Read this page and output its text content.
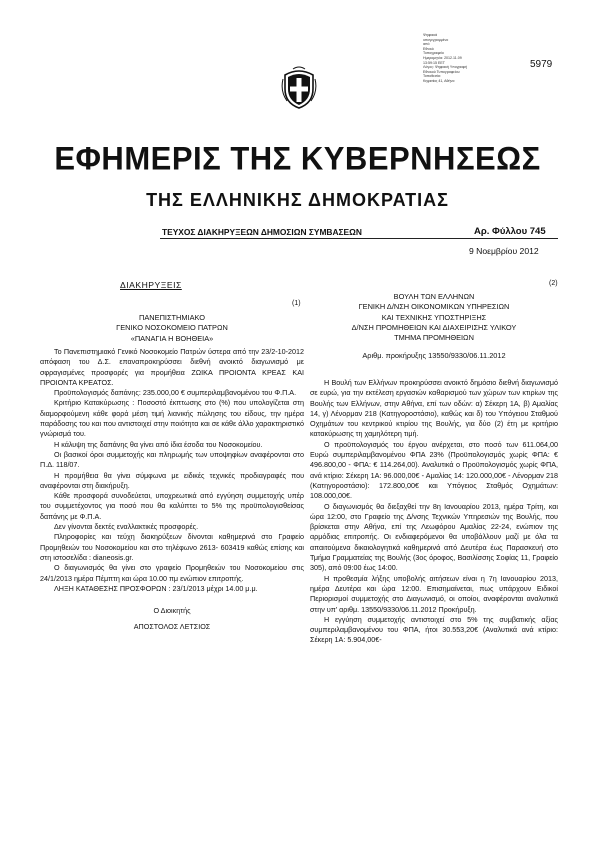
Ψηφιακά
υπογεγραμμένο
από
Εθνικό
Τυπογραφείο
Ημερομηνία: 2012.11.09
13:59:15 EET
Λόγος: Ψηφιακή Υπογραφή
Εθνικού Τυπογραφείου
Τοποθεσία:
Κηφισίας 41, Αθήνα
5979
ΕΦΗΜΕΡΙΣ ΤΗΣ ΚΥΒΕΡΝΗΣΕΩΣ
ΤΗΣ ΕΛΛΗΝΙΚΗΣ ΔΗΜΟΚΡΑΤΙΑΣ
ΤΕΥΧΟΣ ΔΙΑΚΗΡΥΞΕΩΝ ΔΗΜΟΣΙΩΝ ΣΥΜΒΑΣΕΩΝ	Αρ. Φύλλου 745
9 Νοεμβρίου 2012
ΔΙΑΚΗΡΥΞΕΙΣ
(1)
(2)
ΠΑΝΕΠΙΣΤΗΜΙΑΚΟ
ΓΕΝΙΚΟ ΝΟΣΟΚΟΜΕΙΟ ΠΑΤΡΩΝ
«ΠΑΝΑΓΙΑ Η ΒΟΗΘΕΙΑ»

Το Πανεπιστημιακό Γενικό Νοσοκομείο Πατρών ύστερα από την 23/2-10-2012 απόφαση του Δ.Σ. επαναπροκηρύσσει διεθνή ανοικτό διαγωνισμό με σφραγισμένες προσφορές για προμήθεια ΖΩΙΚΑ ΠΡΟΙΟΝΤΑ ΚΡΕΑΣ ΚΑΙ ΠΡΟΙΟΝΤΑ ΚΡΕΑΤΟΣ.

Προϋπολογισμός δαπάνης: 235.000,00 € συμπεριλαμβανομένου του Φ.Π.Α.

Κριτήριο Κατακύρωσης : Ποσοστό έκπτωσης στο (%) που υπολογίζεται στη διαμορφούμενη κάθε φορά μέση τιμή λιανικής πώλησης του είδους, την ημέρα παράδοσης του και που αντιστοιχεί στην ποιότητα και σε κάθε άλλο χαρακτηριστικό γνώρισμά του.

Η κάλυψη της δαπάνης θα γίνει από ίδια έσοδα του Νοσοκομείου.

Οι βασικοί όροι συμμετοχής και πληρωμής των υποψηφίων αναφέρονται στο Π.Δ. 118/07.

Η προμήθεια θα γίνει σύμφωνα με ειδικές τεχνικές προδιαγραφές που αναφέρονται στη διακήρυξη.

Κάθε προσφορά συνοδεύεται, υποχρεωτικά από εγγύηση συμμετοχής υπέρ του συμμετέχοντος για ποσό που θα καλύπτει το 5% της προϋπολογισθείσας δαπάνης με Φ.Π.Α.

Δεν γίνονται δεκτές εναλλακτικές προσφορές.

Πληροφορίες και τεύχη διακηρύξεων δίνονται καθημερινά στο Γραφείο Προμηθειών του Νοσοκομείου και στο τηλέφωνο 2613- 603419 καθώς επίσης και στη ιστοσελίδα : dianeosis.gr.

Ο διαγωνισμός θα γίνει στο γραφείο Προμηθειών του Νοσοκομείου στις 24/1/2013 ημέρα Πέμπτη και ώρα 10.00 πμ ενώπιον επιτροπής.

ΛΗΞΗ ΚΑΤΑΘΕΣΗΣ ΠΡΟΣΦΟΡΩΝ : 23/1/2013 μέχρι 14.00 μ.μ.

Ο Διοικητής
ΑΠΟΣΤΟΛΟΣ ΛΕΤΣΙΟΣ
ΒΟΥΛΗ ΤΩΝ ΕΛΛΗΝΩΝ
ΓΕΝΙΚΗ Δ/ΝΣΗ ΟΙΚΟΝΟΜΙΚΩΝ ΥΠΗΡΕΣΙΩΝ
ΚΑΙ ΤΕΧΝΙΚΗΣ ΥΠΟΣΤΗΡΙΞΗΣ
Δ/ΝΣΗ ΠΡΟΜΗΘΕΙΩΝ ΚΑΙ ΔΙΑΧΕΙΡΙΣΗΣ ΥΛΙΚΟΥ
ΤΜΗΜΑ ΠΡΟΜΗΘΕΙΩΝ
Αριθμ. προκήρυξης 13550/9330/06.11.2012

Η Βουλή των Ελλήνων προκηρύσσει ανοικτό δημόσιο διεθνή διαγωνισμό σε ευρώ, για την εκτέλεση εργασιών καθαρισμού των χώρων των κτιρίων της Βουλής των Ελλήνων, στην Αθήνα, επί των οδών: α) Σέκερη 1Α, β) Αμαλίας 14, γ) Λένορμαν 218 (Κατηγοροστάσιο), καθώς και δ) του Υπόγειου Σταθμού Οχημάτων του κεντρικού κτιρίου της Βουλής, για δύο (2) έτη με κριτήριο κατακύρωσης τη χαμηλότερη τιμή.

Ο προϋπολογισμός του έργου ανέρχεται, στο ποσό των 611.064,00 Ευρώ συμπεριλαμβανομένου ΦΠΑ 23% (Προϋπολογισμός χωρίς ΦΠΑ: € 496.800,00 - ΦΠΑ: € 114.264,00). Αναλυτικά ο Προϋπολογισμός χωρίς ΦΠΑ, ανά κτίριο: Σέκερη 1Α: 96.000,00€ - Αμαλίας 14: 120.000,00€ - Λένορμαν 218 (Κατηγοροστάσιο): 172.800,00€ και Υπόγειος Σταθμός Οχημάτων: 108.000,00€.

Ο διαγωνισμός θα διεξαχθεί την 8η Ιανουαρίου 2013, ημέρα Τρίτη, και ώρα 12:00, στο Γραφείο της Δ/νσης Τεχνικών Υπηρεσιών της Βουλής, που βρίσκεται στην Αθήνα, επί της Λεωφόρου Αμαλίας 22-24, ενώπιον της αρμόδιας επιτροπής. Οι ενδιαφερόμενοι θα υποβάλλουν μαζί με όλα τα απαιτούμενα δικαιολογητικά καθημερινά από Δευτέρα έως Παρασκευή στο Τμήμα Γραμματείας της Βουλής (3ος όροφος, Βασιλίσσης Σοφίας 11, Γραφείο 305), από 09:00 έως 14:00.

Η προθεσμία λήξης υποβολής αιτήσεων είναι η 7η Ιανουαρίου 2013, ημέρα Δευτέρα και ώρα 12:00. Επισημαίνεται, πως υπάρχουν Ειδικοί Περιορισμοί συμμετοχής στο Διαγωνισμό, οι οποίοι, αναφέρονται αναλυτικά στην υπ' αριθμ. 13550/9330/06.11.2012 Προκήρυξη.

Η εγγύηση συμμετοχής αντιστοιχεί στο 5% της συμβατικής αξίας συμπεριλαμβανομένου του ΦΠΑ, ήτοι 30.553,20€ (Αναλυτικά ανά κτίριο: Σέκερη 1Α: 5.904,00€-
